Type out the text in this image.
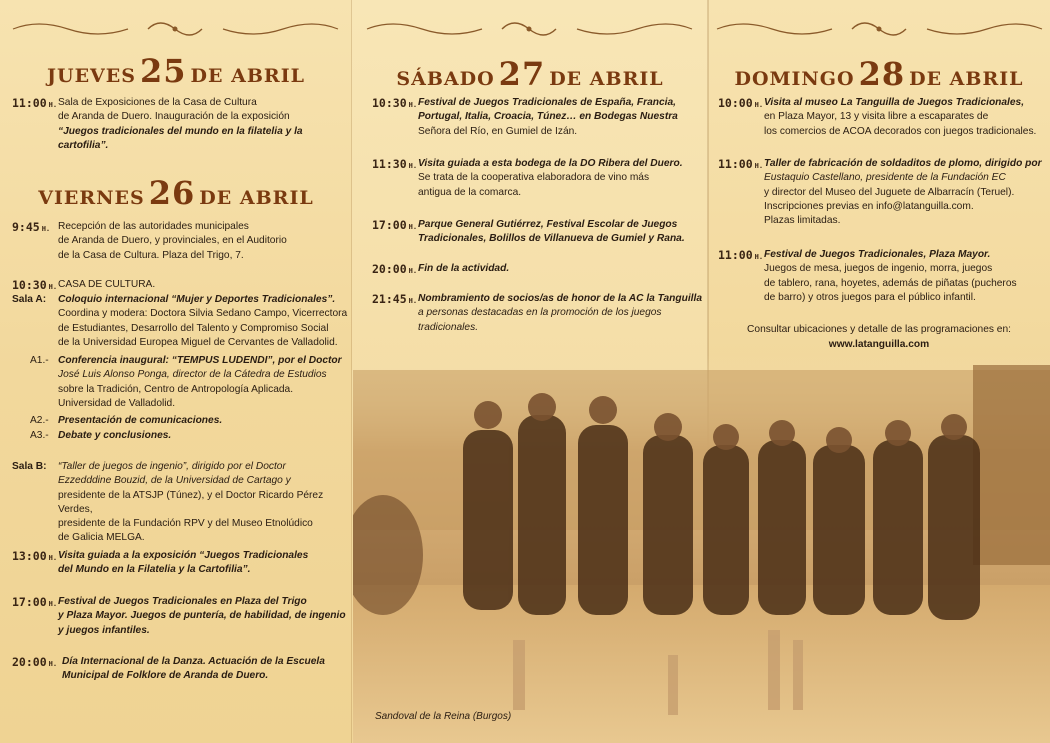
JUEVES 25 DE ABRIL
11:00 H. Sala de Exposiciones de la Casa de Cultura

de Aranda de Duero. Inauguración de la exposición

“Juegos tradicionales del mundo en la filatelia y la cartofilia”.

VIERNES 26 DE ABRIL
9:45 H. Recepción de las autoridades municipales

de Aranda de Duero, y provinciales, en el Auditorio

de la Casa de Cultura. Plaza del Trigo, 7.

10:30 H. CASA DE CULTURA.

Sala A: Coloquio internacional “Mujer y Deportes Tradicionales”.

Coordina y modera: Doctora Silvia Sedano Campo, Vicerrectora

de Estudiantes, Desarrollo del Talento y Compromiso Social

de la Universidad Europea Miguel de Cervantes de Valladolid.

A1.- Conferencia inaugural: “TEMPUS LUDENDI”, por el Doctor

José Luis Alonso Ponga, director de la Cátedra de Estudios

sobre la Tradición, Centro de Antropología Aplicada.

Universidad de Valladolid.

A2.- Presentación de comunicaciones.

A3.- Debate y conclusiones.

Sala B: “Taller de juegos de ingenio”, dirigido por el Doctor

Ezzedddine Bouzid, de la Universidad de Cartago y

presidente de la ATSJP (Túnez), y el Doctor Ricardo Pérez Verdes,

presidente de la Fundación RPV y del Museo Etnolúdico

de Galicia MELGA.

13:00 H. Visita guiada a la exposición “Juegos Tradicionales

del Mundo en la Filatelia y la Cartofilia”.

17:00 H. Festival de Juegos Tradicionales en Plaza del Trigo

y Plaza Mayor. Juegos de puntería, de habilidad, de ingenio

y juegos infantiles.

20:00 H. Día Internacional de la Danza. Actuación de la Escuela

Municipal de Folklore de Aranda de Duero.

SÁBADO 27 DE ABRIL
10:30 H. Festival de Juegos Tradicionales de España, Francia,

Portugal, Italia, Croacia, Túnez… en Bodegas Nuestra

Señora del Río, en Gumiel de Izán.

11:30 H. Visita guiada a esta bodega de la DO Ribera del Duero.

Se trata de la cooperativa elaboradora de vino más

antigua de la comarca.

17:00 H. Parque General Gutiérrez, Festival Escolar de Juegos

Tradicionales, Bolillos de Villanueva de Gumiel y Rana.

20:00 H. Fin de la actividad.

21:45 H. Nombramiento de socios/as de honor de la AC la Tanguilla

a personas destacadas en la promoción de los juegos

tradicionales.

DOMINGO 28 DE ABRIL
10:00 H. Visita al museo La Tanguilla de Juegos Tradicionales,

en Plaza Mayor, 13 y visita libre a escaparates de

los comercios de ACOA decorados con juegos tradicionales.

11:00 H. Taller de fabricación de soldaditos de plomo, dirigido por

Eustaquio Castellano, presidente de la Fundación EC

y director del Museo del Juguete de Albarracín (Teruel).

Inscripciones previas en info@latanguilla.com.

Plazas limitadas.

11:00 H. Festival de Juegos Tradicionales, Plaza Mayor.

Juegos de mesa, juegos de ingenio, morra, juegos

de tablero, rana, hoyetes, además de piñatas (pucheros

de barro) y otros juegos para el público infantil.

Consultar ubicaciones y detalle de las programaciones en:

www.latanguilla.com

Sandoval de la Reina (Burgos)
